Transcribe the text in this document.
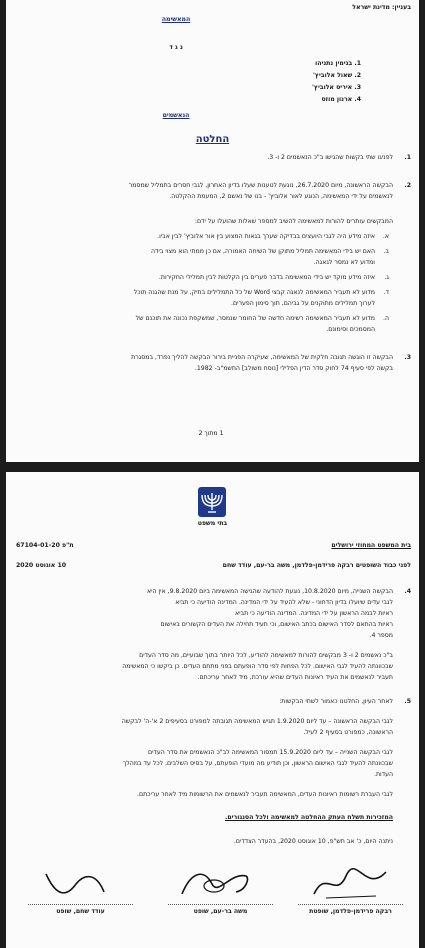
בעניין: מדינת ישראל
המאשימה
נ ג ד
1. בנימין נתניהו
2. שאול אלוביץ'
3. איריס אלוביץ'
4. ארנון מוזס
הנאשמים
החלטה
1.
לפניגו שתי בקשות שהגישו ב"כ הנאשמים 2 ו- 3.
2.
הבקשה הראשונה, מיום 26.7.2020, נוגעת לטענות שעלו בדיון האחרון, לגבי חסרים בתמליל שמסמר
לנאשמים על ידי המאשימה, הנוגע לאור אלוביץ' - בנו של נאשם 2, המעמת ההקלטה.
המבקשים עותרים להורות למאשימה להשיב למספר שאלות שהועלו על ידם:
א.
איזה מידע היה לגבי היועצים בבדיקה שערך בגאות המצוע בין אור אלוביץ' לבין אביו.
ב.
האם יש בידי המאשימה תמליל מתוקן של השיחה האמורה, אם כן ממתי הוא מצוי בידה
ומדוע לא נמסר לגאגה.
ג.
איזה מידע מוקד יש בידי המאשימה בדבר פערים בין הקלטות לבין תמלילי החקירות.
ד.
מדוע לא תעביר המאשימה לנאגה קבצי Word של כל התמלילים בתיק, על מנת שהגנה תוכל
לערוך תמלילים מתוקנים על גביהם, תוך סימון הפערים.
ה.
מדוע לא תעביר המאשימה רשימה חדשה של החומר שנמסר, שמשקפת נכונה את תוכנם של
המסמכים וסימונם.
3.
הבקשה זו הוגשה תגובה חלקית של המאשימה, שעיקרה הפניית בירור הבקשה להליך נפרד, במסגרת
בקשה לפי סעיף 74 לחוק סדר הדין הפלילי [נוסח משולב] התשמ"ב- 1982.
1 מתוך 2
בתי משפט
בית המשפט המחוזי ירושלים
ת"פ 67104-01-20
לפני כבוד השופטים רבקה פרידמן-פלדמן, משה בר-עם, עודד שחם
10 אוגוסט 2020
4.
הבקשה השנייה, מיום 10.8.2020, נוגעת להודעה שהגישה המאשימה ביום 9.8.2020, אין היא
לגבי עדים שיועלו בדיון הדחוני - שלא להעיד על ידי המדינה. המדינה הודיעה כי תביא
ראיות לבמה הראשון על ידי המדינה. המדינה הודיעה כי תביא
ראיות בהתאם לסדר האישום בכתב האישום, וכי תעיד תחילה את העדים הקשורים באישום
מספר 4.
ב"כ נאשמים 2 ו- 3 מבקשים להורות למאשימה להודיע, לכל היותר בתוך שבועיים, מה סדר העדים
שבכוונתה להעיד לגבי האישום. לכל הפחות לפי סדר הופעתם בפני מתחם העדים. כן ביקשו כי המאשימה
תעביר לנאשמים את העיד ראיונות העדים שהיא עורכת, מיד לאחר עריכתם.
5.
לאחר העיון, החלטנו כאמור לשתי הבקשות:
לגבי הבקשה הראשונה – עד ליום 1.9.2020 תגיש המאשימה תגובתה למפורט בסעיפים 2 א'-ה' לבקשה
הראשונה, כמפורט בסעיף 2 לעיל.
לגבי הבקשה השנייה – עד ליום 15.9.2020 תמסור המאשימה לב"כ הנאשמים את סדר העדים
שבכוונתה להעיד לגבי האישום הראשון, וכן תודיע מה מועדי הופעתם, על בסיס השלבים, לכל עד במהלך
העדות.
לגבי העברת רשומות ראיונות העדים, המאשימה תעביר לנאשמים את הרשומות מיד לאחר עריכתם.
המזכירות תשלח העתק ההחלטה למאשימה ולכל הסנגורים.
ניתנה היום, כ' אב תש"פ, 10 אוגוסט 2020, בהעדר הצדדים.
רבקה פרידמן-פלדמן, שופטת
משה בר-עם, שופט
עודד שחם, שופט
